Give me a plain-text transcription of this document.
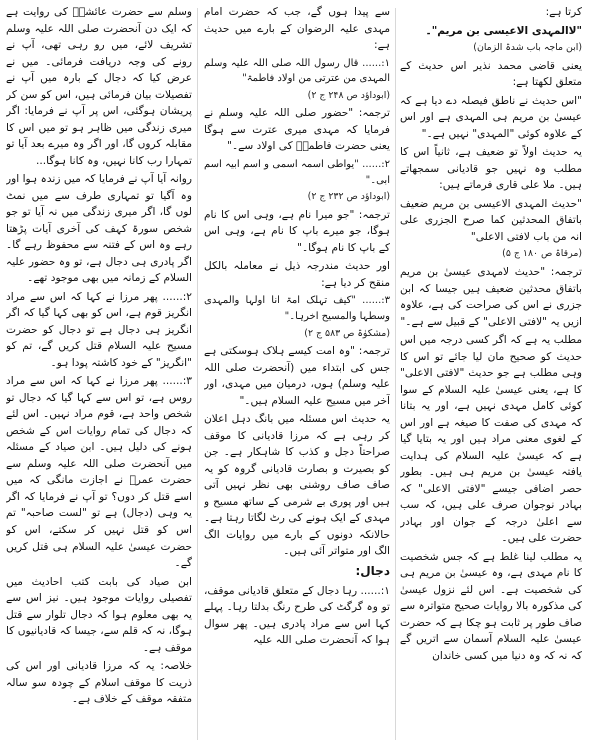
کرتا ہے:

"لاالمہدی الاعیسی بن مریم"۔

(ابن ماجہ باب شدۃ الزمان)

یعنی قاضی محمد نذیر اس حدیث کے متعلق لکھتا ہے:

"اس حدیث نے ناطق فیصلہ دے دیا ہے کہ عیسیٰ بن مریم ہی المہدی ہے اور اس کے علاوہ کوئی "المہدی" نہیں ہے۔"

یہ حدیث اولاً تو ضعیف ہے، ثانیاً اس کا مطلب وہ نہیں جو قادیانی سمجھاتے ہیں۔ ملا علی قاری فرماتے ہیں:

"حدیث المہدی الاعیسی بن مریم ضعیف باتفاق المحدثین کما صرح الجزری علی انہ من باب لافتی الاعلی"

(مرقاۃ ص ۱۸۰ ج ۵)

ترجمہ: "حدیث لامہدی عیسیٰ بن مریم باتفاق محدثین ضعیف ہیں جیسا کہ ابن جزری نے اس کی صراحت کی ہے، علاوہ ازیں یہ "لافتی الاعلی" کے قبیل سے ہے۔"

مطلب یہ ہے کہ اگر کسی درجہ میں اس حدیث کو صحیح مان لیا جائے تو اس کا وہی مطلب ہے جو حدیث "لافتی الاعلی" کا ہے، یعنی عیسیٰ علیہ السلام کے سوا کوئی کامل مہدی نہیں ہے، اور یہ بتانا کہ مہدی کی صفت کا صیغہ ہے اور اس کے لغوی معنی مراد ہیں اور یہ بتایا گیا ہے کہ عیسیٰ علیہ السلام کی ہدایت یافتہ عیسیٰ بن مریم ہی ہیں۔ بطور حصر اضافی جیسے "لافتی الاعلی" کہ بہادر نوجوان صرف علی ہیں، کہ سب سے اعلیٰ درجہ کے جوان اور بہادر حضرت علی ہیں۔

یہ مطلب لینا غلط ہے کہ جس شخصیت کا نام مہدی ہے، وہ عیسیٰ بن مریم ہی کی شخصیت ہے۔ اس لئے نزول عیسیٰ کی مذکورہ بالا روایات صحیح متواترہ سے صاف طور پر ثابت ہو چکا ہے کہ حضرت عیسیٰ علیہ السلام آسمان سے اتریں گے کہ نہ کہ وہ دنیا میں کسی خاندان

سے پیدا ہوں گے، جب کہ حضرت امام مہدی علیہ الرضوان کے بارے میں حدیث ہے:

۱:...... قال رسول اللہ صلی اللہ علیہ وسلم المہدی من عترتی من اولاد فاطمۃ"

(ابوداؤد ص ۲۴۸ ج ۲)

ترجمہ: "حضور صلی اللہ علیہ وسلم نے فرمایا کہ مہدی میری عترت سے ہوگا یعنی حضرت فاطمۃؓ کی اولاد سے۔"

۲:...... "یواطی اسمہ اسمی و اسم ابیہ اسم ابی۔"

(ابوداؤد ص ۲۳۲ ج ۲)

ترجمہ: "جو میرا نام ہے، وہی اس کا نام ہوگا، جو میرے باپ کا نام ہے، وہی اس کے باپ کا نام ہوگا۔"

اور حدیث مندرجہ ذیل نے معاملہ بالکل منقح کر دیا ہے:

۳:...... "کیف تہلک امۃ انا اولہا والمہدی وسطہا والمسیح اخرہا۔"

(مشکوٰۃ ص ۵۸۳ ج ۲)

ترجمہ: "وہ امت کیسے ہلاک ہوسکتی ہے جس کی ابتداء میں (آنحضرت صلی اللہ علیہ وسلم) ہوں، درمیان میں مہدی، اور آخر میں مسیح علیہ السلام ہیں۔"

یہ حدیث اس مسئلہ میں بانگ دہل اعلان کر رہی ہے کہ مرزا قادیانی کا موقف صراحتاً دجل و کذب کا شاہکار ہے۔ جن کو بصیرت و بصارت قادیانی گروہ کو یہ صاف صاف روشنی بھی نظر نہیں آتی ہیں اور پوری بے شرمی کے ساتھ مسیح و مہدی کے ایک ہونے کی رٹ لگاتا رہتا ہے۔ حالانکہ دونوں کے بارے میں روایات الگ الگ اور متواتر آئی ہیں۔

دجال:

۱:...... رہا دجال کے متعلق قادیانی موقف، تو وہ گرگٹ کی طرح رنگ بدلتا رہا۔ پہلے کہا اس سے مراد پادری ہیں۔ پھر سوال ہوا کہ آنحضرت صلی اللہ علیہ

وسلم سے حضرت عائشہؓ کی روایت ہے کہ ایک دن آنحضرت صلی اللہ علیہ وسلم تشریف لائے، میں رو رہی تھی، آپ نے رونے کی وجہ دریافت فرمائی۔ میں نے عرض کیا کہ دجال کے بارہ میں آپ نے تفصیلات بیان فرمائی ہیں، اس کو سن کر پریشان ہوگئی، اس پر آپ نے فرمایا: اگر میری زندگی میں ظاہر ہو تو میں اس کا مقابلہ کروں گا، اور اگر وہ میرے بعد آیا تو تمہارا رب کانا نہیں، وہ کانا ہوگا...

روانہ آیا آپ نے فرمایا کہ میں زندہ ہوا اور وہ آگیا تو تمہاری طرف سے میں نمٹ لوں گا، اگر میری زندگی میں نہ آیا تو جو شخص سورۃ کہف کی آخری آیات پڑھتا رہے وہ اس کے فتنہ سے محفوظ رہے گا۔ اگر پادری ہی دجال ہے، تو وہ حضور علیہ السلام کے زمانہ میں بھی موجود تھے۔

۲:...... پھر مرزا نے کہا کہ اس سے مراد انگریز قوم ہے، اس کو بھی کہا گیا کہ اگر انگریز ہی دجال ہے تو دجال کو حضرت مسیح علیہ السلام قتل کریں گے، تم کو "انگریز" کے خود کاشتہ پودا ہو۔

۳:...... پھر مرزا نے کہا کہ اس سے مراد روس ہے، تو اس سے کہا گیا کہ دجال تو شخص واحد ہے، قوم مراد نہیں۔ اس لئے کہ دجال کی تمام روایات اس کے شخص ہونے کی دلیل ہیں۔ ابن صیاد کے مسئلہ میں آنحضرت صلی اللہ علیہ وسلم سے حضرت عمرؓ نے اجازت مانگی کہ میں اسے قتل کر دوں؟ تو آپ نے فرمایا کہ اگر یہ وہی (دجال) ہے تو "لست صاحبہ" تم اس کو قتل نہیں کر سکتے، اس کو حضرت عیسیٰ علیہ السلام ہی قتل کریں گے۔

ابن صیاد کی بابت کتب احادیث میں تفصیلی روایات موجود ہیں۔ نیز اس سے یہ بھی معلوم ہوا کہ دجال تلوار سے قتل ہوگا، نہ کہ قلم سے، جیسا کہ قادیانیوں کا موقف ہے۔

خلاصہ: یہ کہ مرزا قادیانی اور اس کی ذریت کا موقف اسلام کے چودہ سو سالہ متفقہ موقف کے خلاف ہے۔
